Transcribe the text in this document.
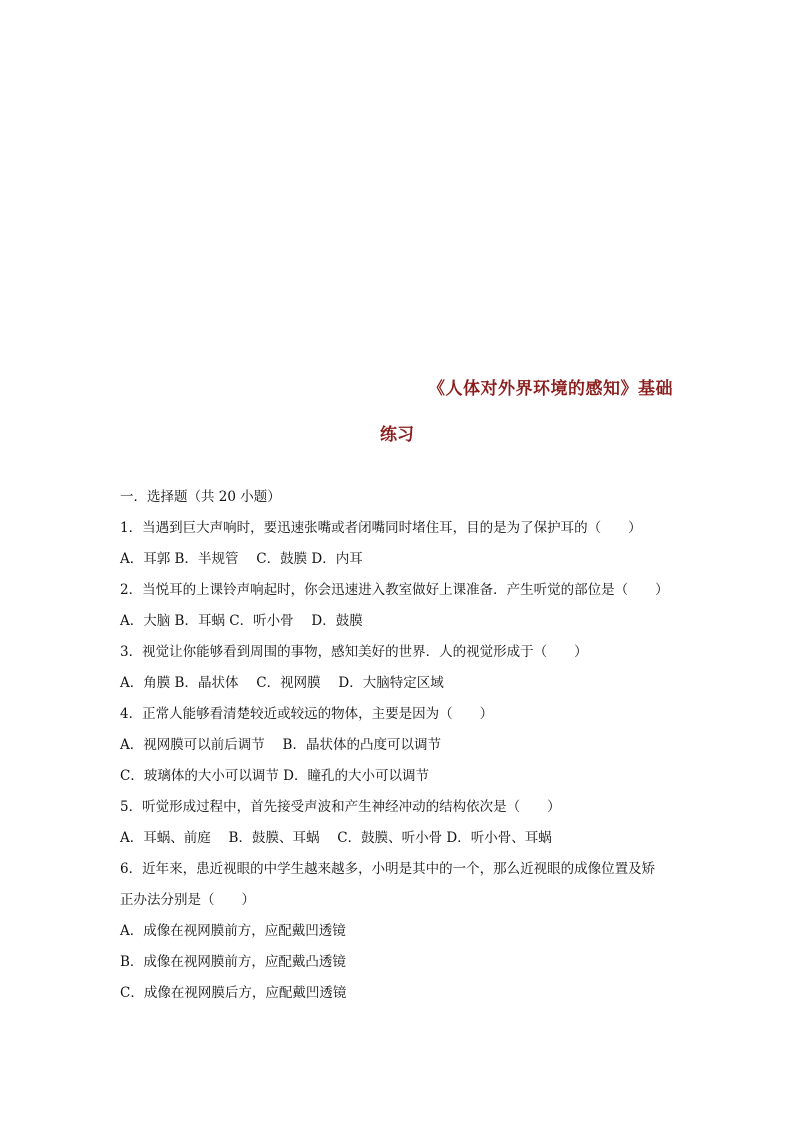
《人体对外界环境的感知》基础
练习
一．选择题（共 20 小题）
1．当遇到巨大声响时，要迅速张嘴或者闭嘴同时堵住耳，目的是为了保护耳的（　　）
A．耳郭 B．半规管　 C．鼓膜 D．内耳
2．当悦耳的上课铃声响起时，你会迅速进入教室做好上课准备．产生听觉的部位是（　　）
A．大脑 B．耳蜗 C．听小骨　 D．鼓膜
3．视觉让你能够看到周围的事物，感知美好的世界．人的视觉形成于（　　）
A．角膜 B．晶状体　 C．视网膜　 D．大脑特定区域
4．正常人能够看清楚较近或较远的物体，主要是因为（　　）
A．视网膜可以前后调节　 B．晶状体的凸度可以调节
C．玻璃体的大小可以调节 D．瞳孔的大小可以调节
5．听觉形成过程中，首先接受声波和产生神经冲动的结构依次是（　　）
A．耳蜗、前庭　 B．鼓膜、耳蜗　 C．鼓膜、听小骨 D．听小骨、耳蜗
6．近年来，患近视眼的中学生越来越多，小明是其中的一个，那么近视眼的成像位置及矫
正办法分别是（　　）
A．成像在视网膜前方，应配戴凹透镜
B．成像在视网膜前方，应配戴凸透镜
C．成像在视网膜后方，应配戴凹透镜
